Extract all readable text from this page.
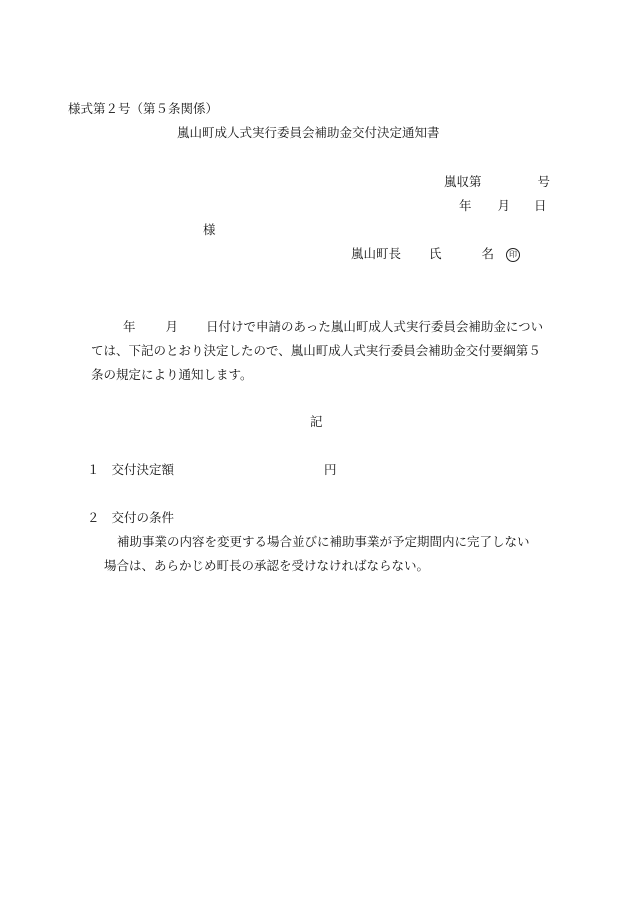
様式第２号（第５条関係）
嵐山町成人式実行委員会補助金交付決定通知書
嵐収第	号
年 月 日
様
嵐山町長 氏	名 印
年 月 日付けで申請のあった嵐山町成人式実行委員会補助金につい
ては、下記のとおり決定したので、嵐山町成人式実行委員会補助金交付要綱第５
条の規定により通知します。
記
１ 交付決定額	円
２ 交付の条件
補助事業の内容を変更する場合並びに補助事業が予定期間内に完了しない
場合は、あらかじめ町長の承認を受けなければならない。
